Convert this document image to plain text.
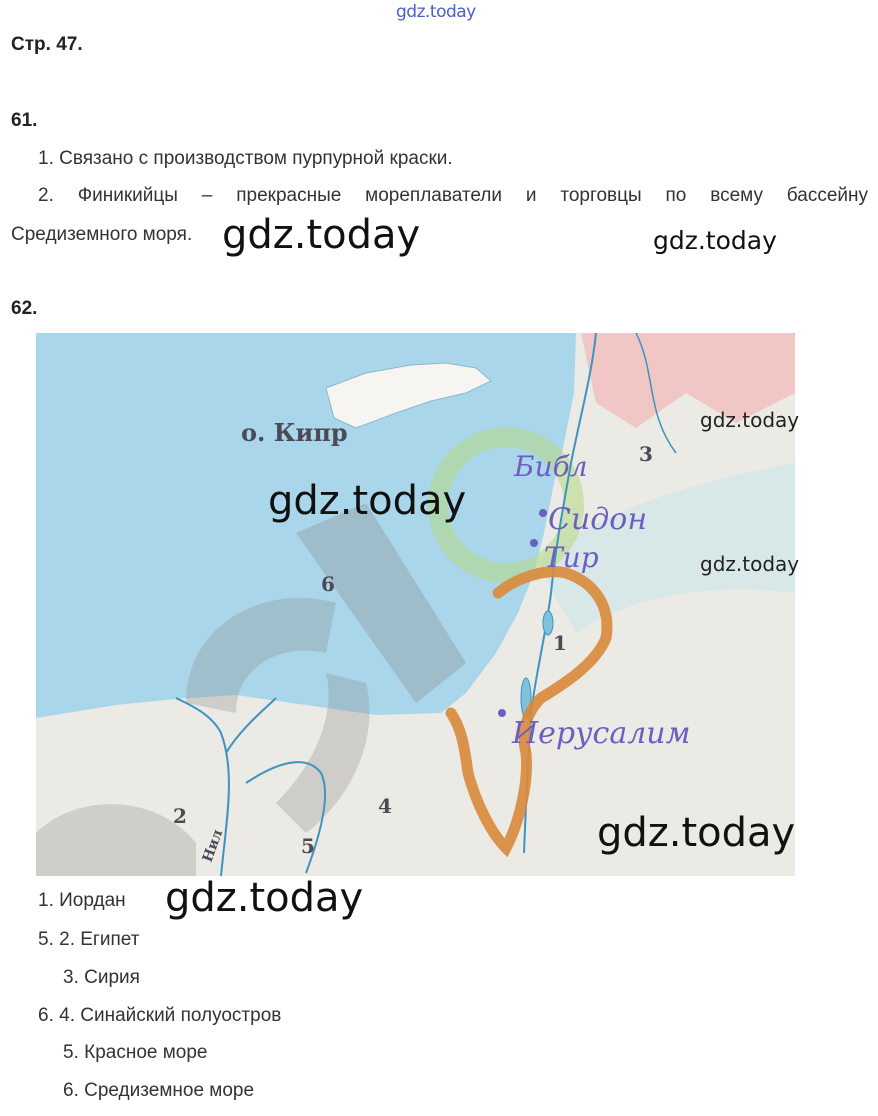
gdz.today
Стр. 47.
61.
1. Связано с производством пурпурной краски.
2. Финикийцы – прекрасные мореплаватели и торговцы по всему бассейну
Средиземного моря. gdz.today	gdz.today
62.
о. Кипр
6
1
3
4
2
5
Нил
Библ
Сидон
Тир
Иерусалим
gdz.today
gdz.today
gdz.today
gdz.today
1. Иордан gdz.today
5. 2. Египет
3. Сирия
6. 4. Синайский полуостров
5. Красное море
6. Средиземное море
